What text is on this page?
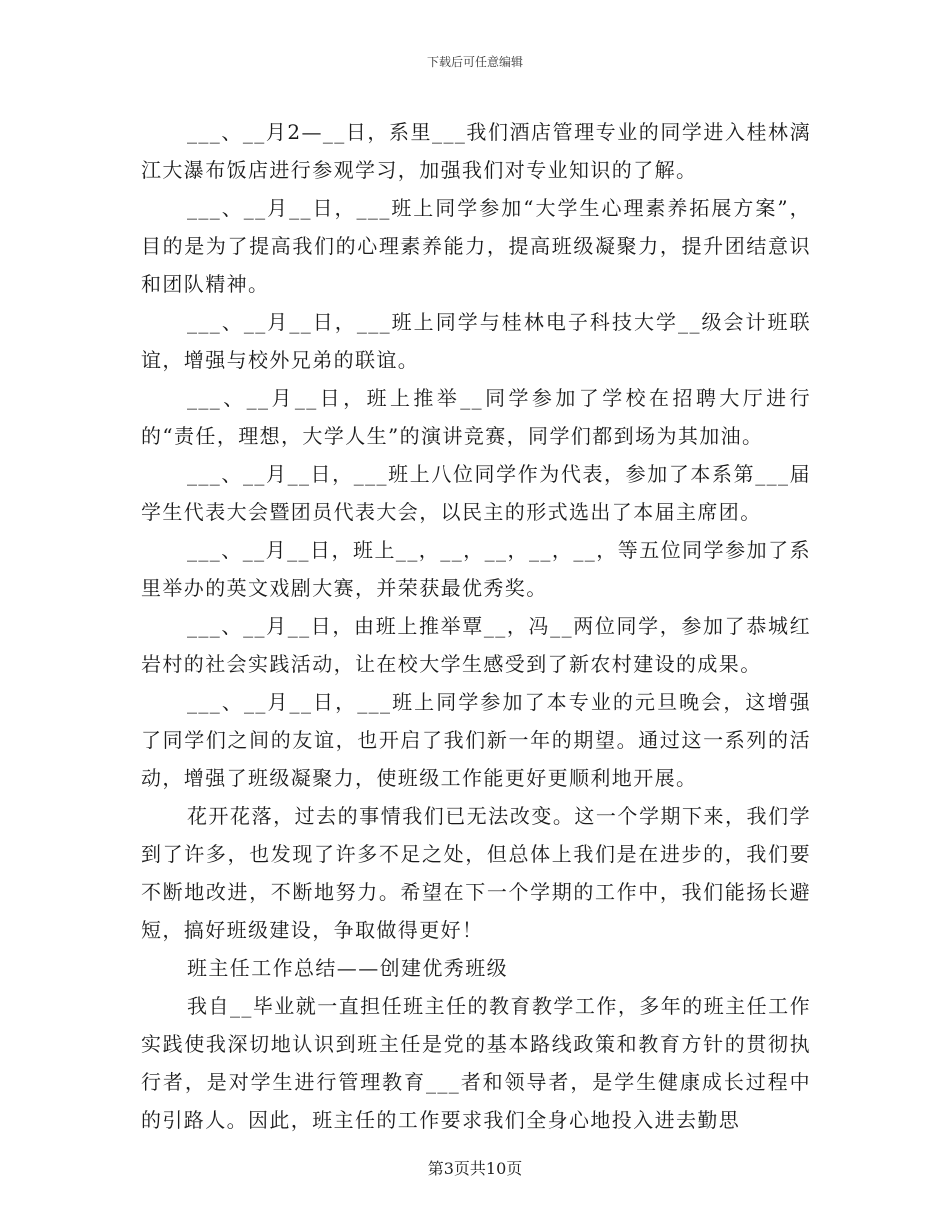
下载后可任意编辑

___、__月2—__日，系里___我们酒店管理专业的同学进入桂林漓江大瀑布饭店进行参观学习，加强我们对专业知识的了解。

___、__月__日，___班上同学参加“大学生心理素养拓展方案”，目的是为了提高我们的心理素养能力，提高班级凝聚力，提升团结意识和团队精神。

___、__月__日，___班上同学与桂林电子科技大学__级会计班联谊，增强与校外兄弟的联谊。

___、__月__日，班上推举__同学参加了学校在招聘大厅进行的“责任，理想，大学人生”的演讲竞赛，同学们都到场为其加油。

___、__月__日，___班上八位同学作为代表，参加了本系第___届学生代表大会暨团员代表大会，以民主的形式选出了本届主席团。

___、__月__日，班上__，__，__，__，__，等五位同学参加了系里举办的英文戏剧大赛，并荣获最优秀奖。

___、__月__日，由班上推举覃__，冯__两位同学，参加了恭城红岩村的社会实践活动，让在校大学生感受到了新农村建设的成果。

___、__月__日，___班上同学参加了本专业的元旦晚会，这增强了同学们之间的友谊，也开启了我们新一年的期望。通过这一系列的活动，增强了班级凝聚力，使班级工作能更好更顺利地开展。

花开花落，过去的事情我们已无法改变。这一个学期下来，我们学到了许多，也发现了许多不足之处，但总体上我们是在进步的，我们要不断地改进，不断地努力。希望在下一个学期的工作中，我们能扬长避短，搞好班级建设，争取做得更好！

班主任工作总结——创建优秀班级

我自__毕业就一直担任班主任的教育教学工作，多年的班主任工作实践使我深切地认识到班主任是党的基本路线政策和教育方针的贯彻执行者，是对学生进行管理教育___者和领导者，是学生健康成长过程中的引路人。因此，班主任的工作要求我们全身心地投入进去勤思

第3页共10页
